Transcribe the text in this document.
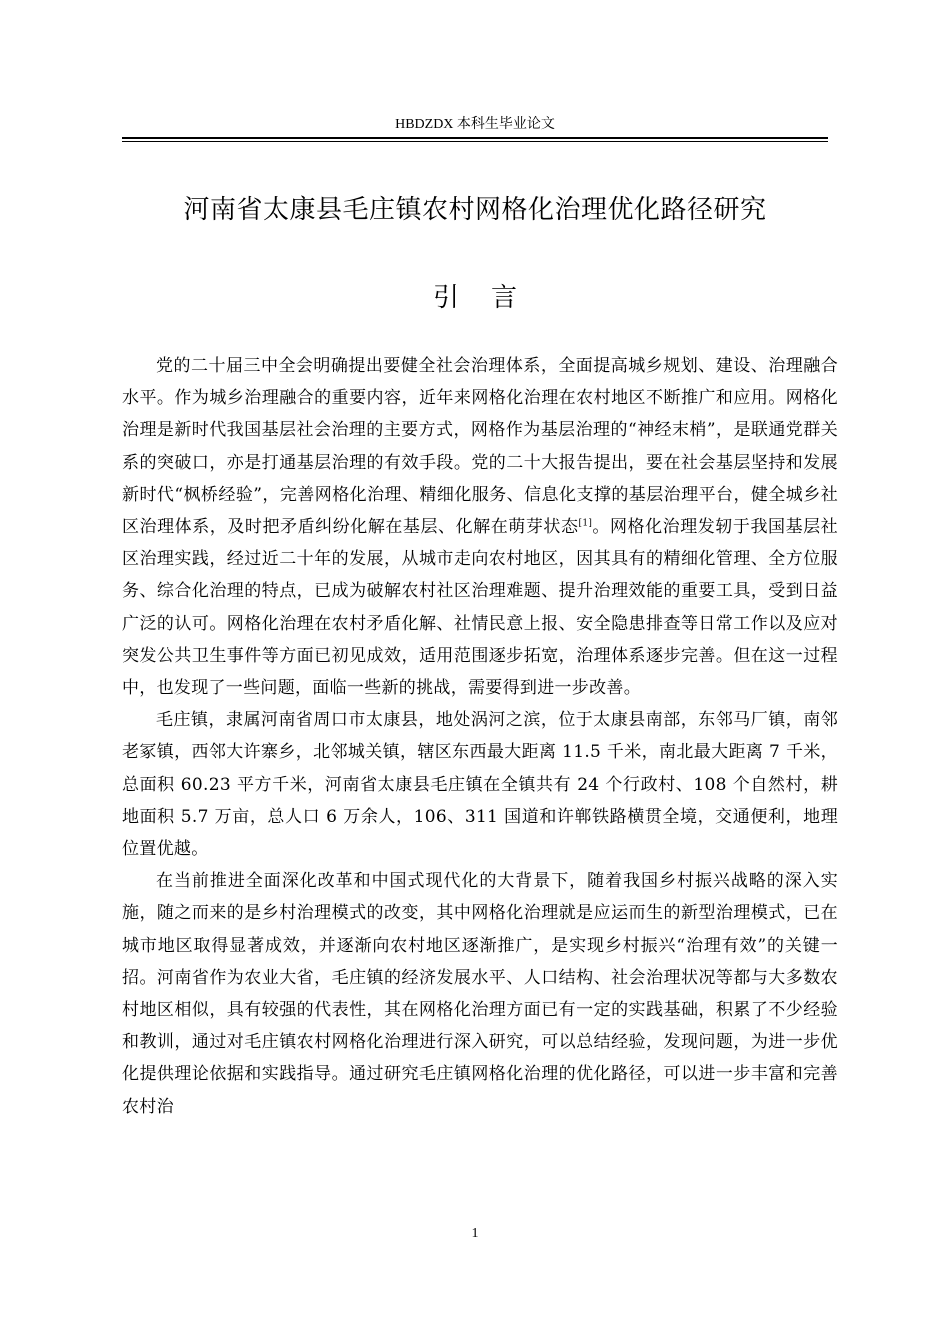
HBDZDX 本科生毕业论文
河南省太康县毛庄镇农村网格化治理优化路径研究
引言

党的二十届三中全会明确提出要健全社会治理体系，全面提高城乡规划、建设、治理融合水平。作为城乡治理融合的重要内容，近年来网格化治理在农村地区不断推广和应用。网格化治理是新时代我国基层社会治理的主要方式，网格作为基层治理的“神经末梢”，是联通党群关系的突破口，亦是打通基层治理的有效手段。党的二十大报告提出，要在社会基层坚持和发展新时代“枫桥经验”，完善网格化治理、精细化服务、信息化支撑的基层治理平台，健全城乡社区治理体系，及时把矛盾纠纷化解在基层、化解在萌芽状态[1]。网格化治理发轫于我国基层社区治理实践，经过近二十年的发展，从城市走向农村地区，因其具有的精细化管理、全方位服务、综合化治理的特点，已成为破解农村社区治理难题、提升治理效能的重要工具，受到日益广泛的认可。网格化治理在农村矛盾化解、社情民意上报、安全隐患排查等日常工作以及应对突发公共卫生事件等方面已初见成效，适用范围逐步拓宽，治理体系逐步完善。但在这一过程中，也发现了一些问题，面临一些新的挑战，需要得到进一步改善。

毛庄镇，隶属河南省周口市太康县，地处涡河之滨，位于太康县南部，东邻马厂镇，南邻老冢镇，西邻大许寨乡，北邻城关镇，辖区东西最大距离 11.5 千米，南北最大距离 7 千米，总面积 60.23 平方千米，河南省太康县毛庄镇在全镇共有 24 个行政村、108 个自然村，耕地面积 5.7 万亩，总人口 6 万余人，106、311 国道和许郸铁路横贯全境，交通便利，地理位置优越。

在当前推进全面深化改革和中国式现代化的大背景下，随着我国乡村振兴战略的深入实施，随之而来的是乡村治理模式的改变，其中网格化治理就是应运而生的新型治理模式，已在城市地区取得显著成效，并逐渐向农村地区逐渐推广，是实现乡村振兴“治理有效”的关键一招。河南省作为农业大省，毛庄镇的经济发展水平、人口结构、社会治理状况等都与大多数农村地区相似，具有较强的代表性，其在网格化治理方面已有一定的实践基础，积累了不少经验和教训，通过对毛庄镇农村网格化治理进行深入研究，可以总结经验，发现问题，为进一步优化提供理论依据和实践指导。通过研究毛庄镇网格化治理的优化路径，可以进一步丰富和完善农村治

1
